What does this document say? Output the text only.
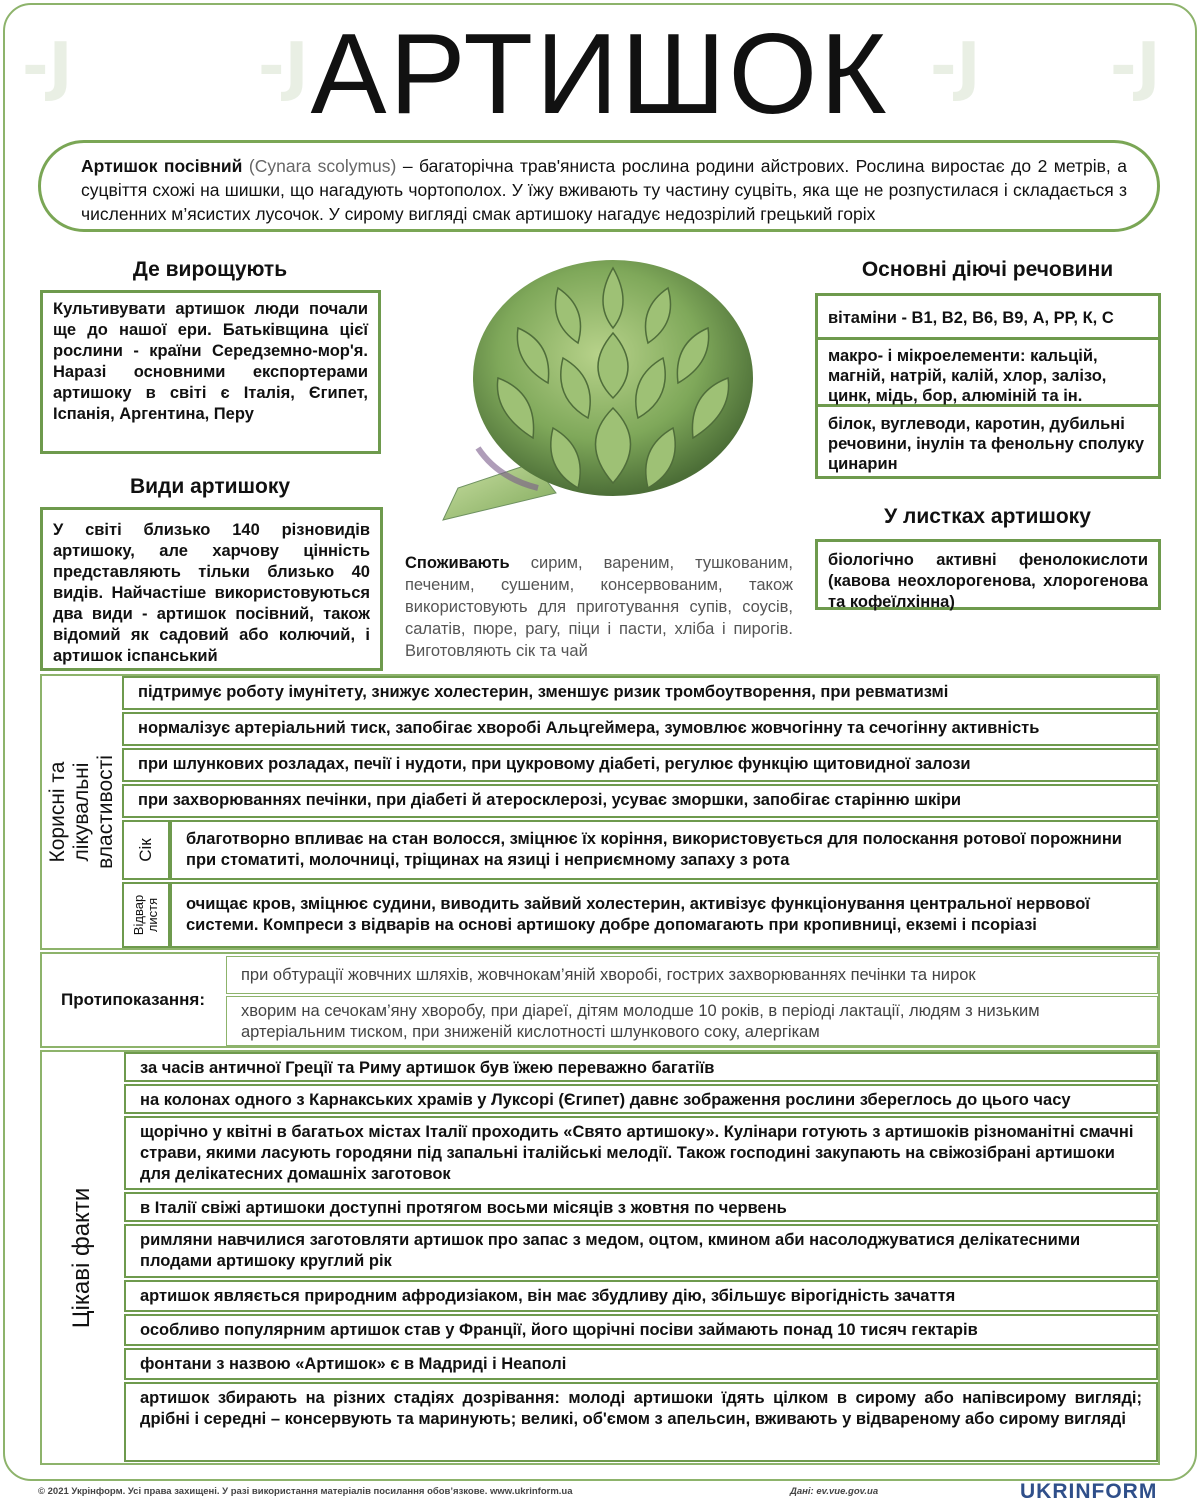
-J	-J	-J -J
АРТИШОК
Артишок посівний (Cynara scolymus) – багаторічна трав'яниста рослина родини айстрових. Рослина виростає до 2 метрів, а суцвіття схожі на шишки, що нагадують чортополох. У їжу вживають ту частину суцвіть, яка ще не розпустилася і складається з численних м’ясистих лусочок. У сирому вигляді смак артишоку нагадує недозрілий грецький горіх
Де вирощують
Культивувати артишок люди почали ще до нашої ери. Батьківщина цієї рослини - країни Середземно-мор'я. Наразі основними експортерами артишоку в світі є Італія, Єгипет, Іспанія, Аргентина, Перу
Види артишоку
У світі близько 140 різновидів артишоку, але харчову цінність представляють тільки близько 40 видів. Найчастіше використовуються два види - артишок посівний, також відомий як садовий або колючий, і артишок іспанський
Споживають сирим, вареним, тушкованим, печеним, сушеним, консервованим, також використовують для приготування супів, соусів, салатів, пюре, рагу, піци і пасти, хліба і пирогів. Виготовляють сік та чай
Основні діючі речовини
вітаміни - В1, В2, В6, В9, А, РР, К, С
макро- і мікроелементи: кальцій, магній, натрій, калій, хлор, залізо, цинк, мідь, бор, алюміній та ін.
білок, вуглеводи, каротин, дубильні речовини, інулін та фенольну сполуку цинарин
У листках артишоку
біологічно активні фенолокислоти (кавова неохлорогенова, хлорогенова та кофеїлхінна)
Корисні та лікувальні властивості
підтримує роботу імунітету, знижує холестерин, зменшує ризик тромбоутворення, при ревматизмі
нормалізує артеріальний тиск, запобігає хворобі Альцгеймера, зумовлює жовчогінну та сечогінну активність
при шлункових розладах, печії і нудоти, при цукровому діабеті, регулює функцію щитовидної залози
при захворюваннях печінки, при діабеті й атеросклерозі, усуває зморшки, запобігає старінню шкіри
Сік	благотворно впливає на стан волосся, зміцнює їх коріння, використовується для полоскання ротової порожнини при стоматиті, молочниці, тріщинах на язиці і неприємному запаху з рота
Відвар листя	очищає кров, зміцнює судини, виводить зайвий холестерин, активізує функціонування центральної нервової системи. Компреси з відварів на основі артишоку добре допомагають при кропивниці, екземі і псоріазі
Протипоказання:
при обтурації жовчних шляхів, жовчнокам’яній хворобі, гострих захворюваннях печінки та нирок
хворим на сечокам’яну хворобу, при діареї, дітям молодше 10 років, в періоді лактації, людям з низьким артеріальним тиском, при зниженій кислотності шлункового соку, алергікам
Цікаві факти
за часів античної Греції та Риму артишок був їжею переважно багатіїв
на колонах одного з Карнакських храмів у Луксорі (Єгипет) давнє зображення рослини збереглось до цього часу
щорічно у квітні в багатьох містах Італії проходить «Свято артишоку». Кулінари готують з артишоків різноманітні смачні страви, якими ласують городяни під запальні італійські мелодії. Також господині закупають на свіжозібрані артишоки для делікатесних домашніх заготовок
в Італії свіжі артишоки доступні протягом восьми місяців з жовтня по червень
римляни навчилися заготовляти артишок про запас з медом, оцтом, кмином аби насолоджуватися делікатесними плодами артишоку круглий рік
артишок являється природним афродизіаком, він має збудливу дію, збільшує вірогідність зачаття
особливо популярним артишок став у Франції, його щорічні посіви займають понад 10 тисяч гектарів
фонтани з назвою «Артишок» є в Мадриді і Неаполі
артишок збирають на різних стадіях дозрівання: молоді артишоки їдять цілком в сирому або напівсирому вигляді; дрібні і середні – консервують та маринують; великі, об'ємом з апельсин, вживають у відвареному або сирому вигляді
© 2021 Укрінформ. Усі права захищені. У разі використання матеріалів посилання обов’язкове. www.ukrinform.ua	Дані: ev.vue.gov.ua	UKRINFORM
